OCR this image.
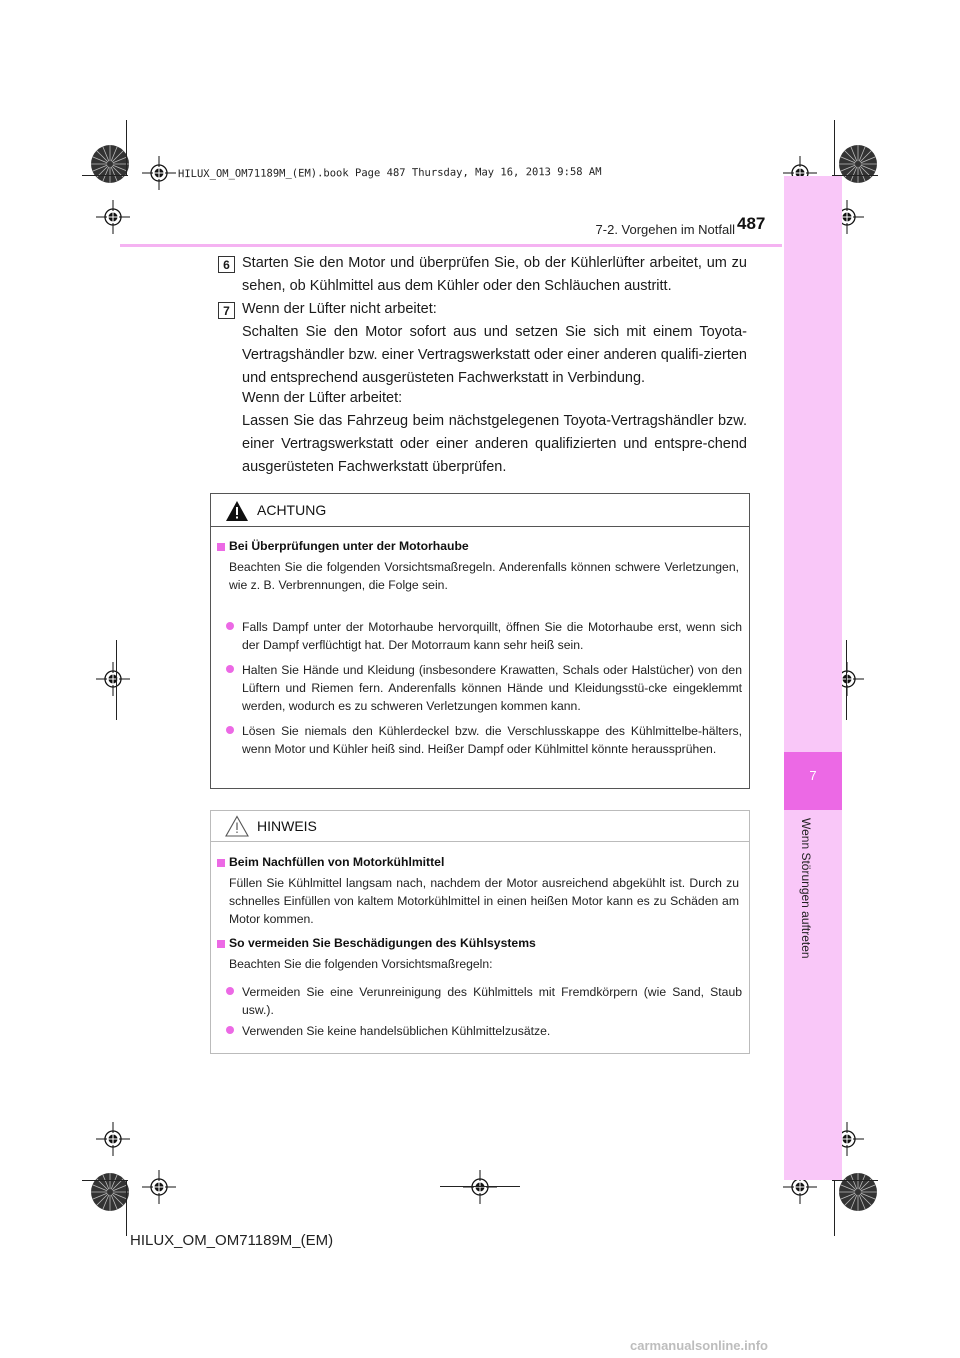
HILUX_OM_OM71189M_(EM).book Page 487 Thursday, May 16, 2013 9:58 AM
7
Wenn Störungen auftreten
7-2. Vorgehen im Notfall 487
6 Starten Sie den Motor und überprüfen Sie, ob der Kühlerlüfter arbeitet, um zu sehen, ob Kühlmittel aus dem Kühler oder den Schläuchen austritt.
7 Wenn der Lüfter nicht arbeitet:
Schalten Sie den Motor sofort aus und setzen Sie sich mit einem Toyota-Vertragshändler bzw. einer Vertragswerkstatt oder einer anderen qualifi-zierten und entsprechend ausgerüsteten Fachwerkstatt in Verbindung.
Wenn der Lüfter arbeitet:
Lassen Sie das Fahrzeug beim nächstgelegenen Toyota-Vertragshändler bzw. einer Vertragswerkstatt oder einer anderen qualifizierten und entspre-chend ausgerüsteten Fachwerkstatt überprüfen.
ACHTUNG
Bei Überprüfungen unter der Motorhaube
Beachten Sie die folgenden Vorsichtsmaßregeln. Anderenfalls können schwere Verletzungen, wie z. B. Verbrennungen, die Folge sein.
Falls Dampf unter der Motorhaube hervorquillt, öffnen Sie die Motorhaube erst, wenn sich der Dampf verflüchtigt hat. Der Motorraum kann sehr heiß sein.
Halten Sie Hände und Kleidung (insbesondere Krawatten, Schals oder Halstücher) von den Lüftern und Riemen fern. Anderenfalls können Hände und Kleidungsstü-cke eingeklemmt werden, wodurch es zu schweren Verletzungen kommen kann.
Lösen Sie niemals den Kühlerdeckel bzw. die Verschlusskappe des Kühlmittelbe-hälters, wenn Motor und Kühler heiß sind. Heißer Dampf oder Kühlmittel könnte heraussprühen.
HINWEIS
Beim Nachfüllen von Motorkühlmittel
Füllen Sie Kühlmittel langsam nach, nachdem der Motor ausreichend abgekühlt ist. Durch zu schnelles Einfüllen von kaltem Motorkühlmittel in einen heißen Motor kann es zu Schäden am Motor kommen.
So vermeiden Sie Beschädigungen des Kühlsystems
Beachten Sie die folgenden Vorsichtsmaßregeln:
Vermeiden Sie eine Verunreinigung des Kühlmittels mit Fremdkörpern (wie Sand, Staub usw.).
Verwenden Sie keine handelsüblichen Kühlmittelzusätze.
HILUX_OM_OM71189M_(EM)
carmanualsonline.info
